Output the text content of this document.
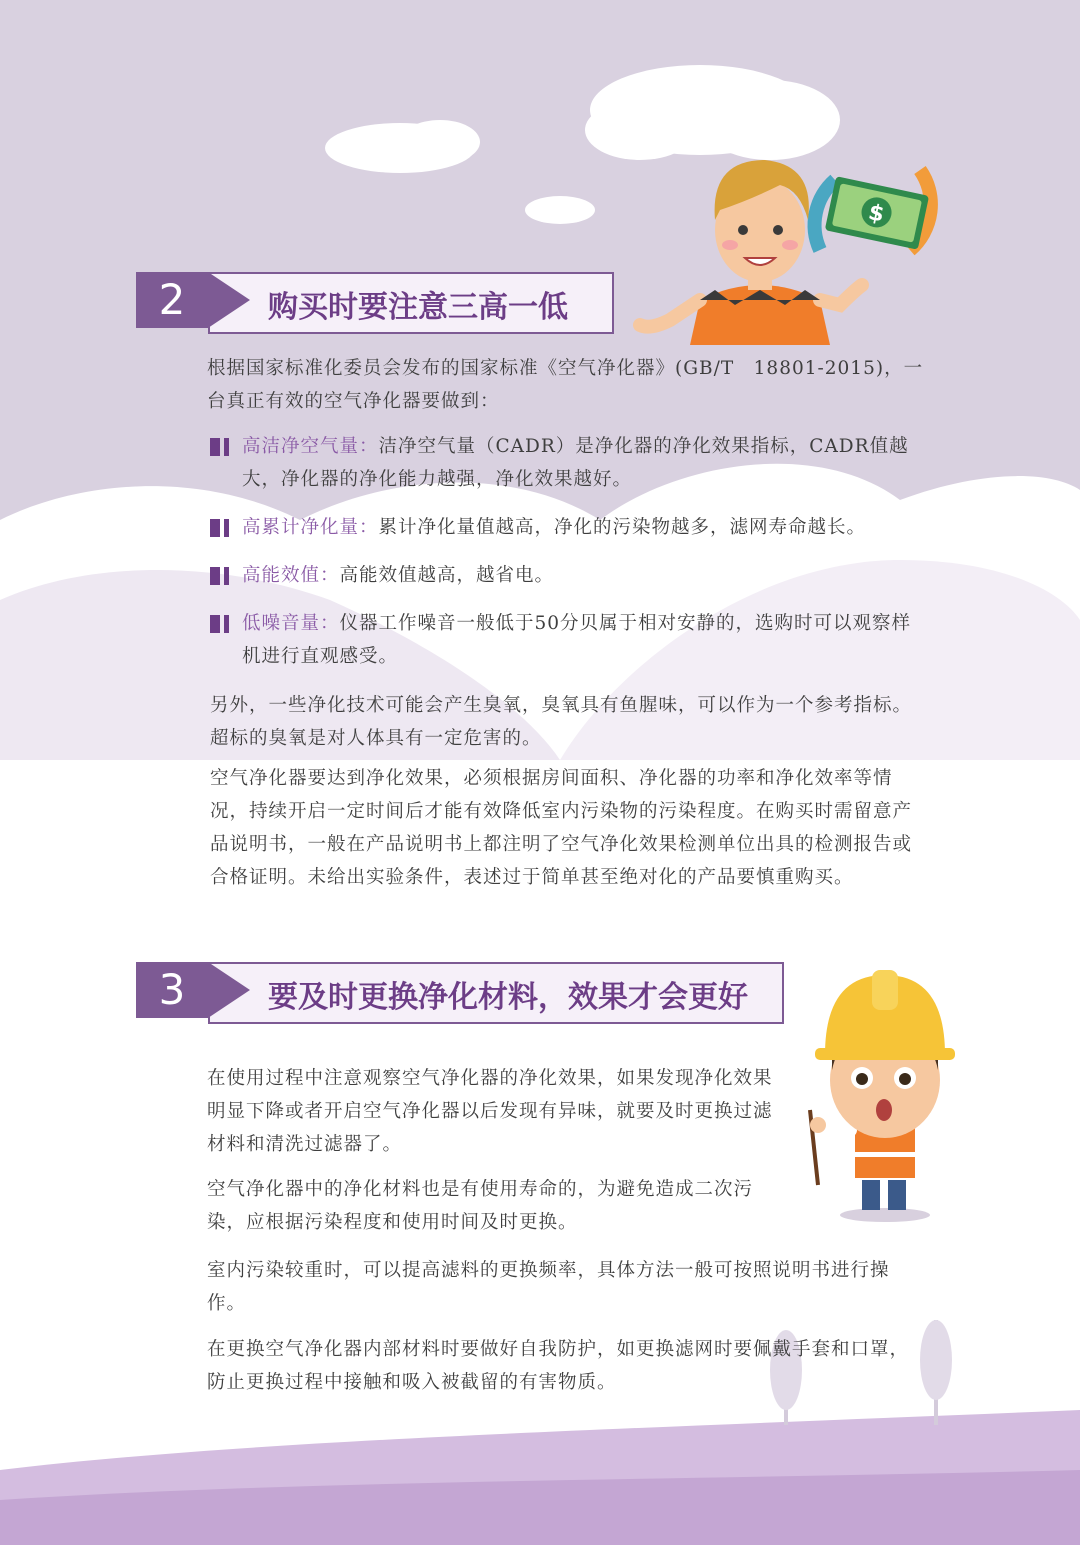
$
购买时要注意三高一低
2
根据国家标准化委员会发布的国家标准《空气净化器》(GB/T　18801-2015)，一台真正有效的空气净化器要做到：
高洁净空气量：洁净空气量（CADR）是净化器的净化效果指标，CADR值越大，净化器的净化能力越强，净化效果越好。
高累计净化量：累计净化量值越高，净化的污染物越多，滤网寿命越长。
高能效值：高能效值越高，越省电。
低噪音量：仪器工作噪音一般低于50分贝属于相对安静的，选购时可以观察样机进行直观感受。
另外，一些净化技术可能会产生臭氧，臭氧具有鱼腥味，可以作为一个参考指标。超标的臭氧是对人体具有一定危害的。
空气净化器要达到净化效果，必须根据房间面积、净化器的功率和净化效率等情况，持续开启一定时间后才能有效降低室内污染物的污染程度。在购买时需留意产品说明书，一般在产品说明书上都注明了空气净化效果检测单位出具的检测报告或合格证明。未给出实验条件，表述过于简单甚至绝对化的产品要慎重购买。
要及时更换净化材料，效果才会更好
3
在使用过程中注意观察空气净化器的净化效果，如果发现净化效果明显下降或者开启空气净化器以后发现有异味，就要及时更换过滤材料和清洗过滤器了。
空气净化器中的净化材料也是有使用寿命的，为避免造成二次污染，应根据污染程度和使用时间及时更换。
室内污染较重时，可以提高滤料的更换频率，具体方法一般可按照说明书进行操作。
在更换空气净化器内部材料时要做好自我防护，如更换滤网时要佩戴手套和口罩，防止更换过程中接触和吸入被截留的有害物质。
